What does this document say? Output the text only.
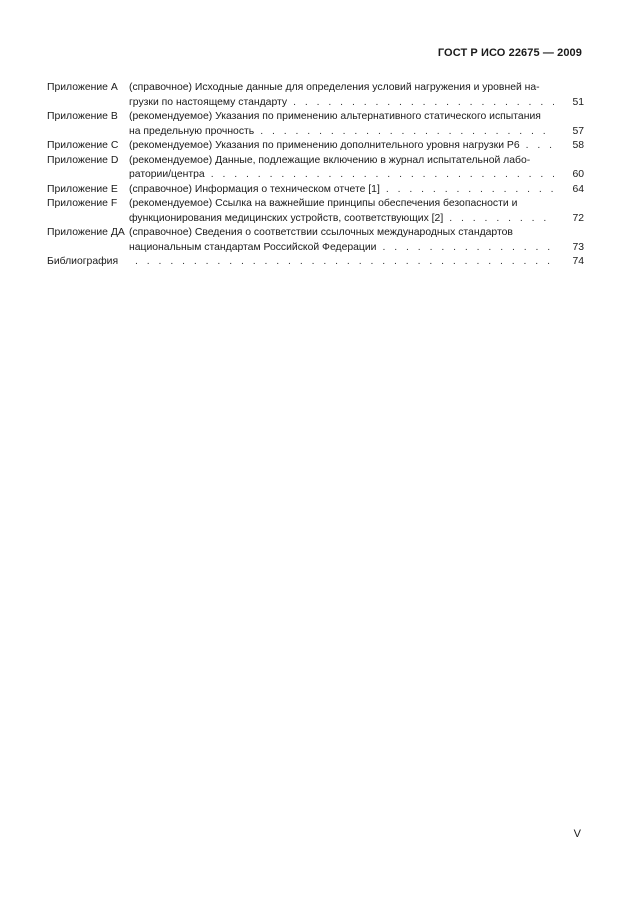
ГОСТ Р ИСО 22675 — 2009
Приложение А	(справочное) Исходные данные для определения условий нагружения и уровней на-
грузки по настоящему стандарту . . .	51
Приложение В	(рекомендуемое) Указания по применению альтернативного статического испытания
на предельную прочность . . .	57
Приложение С	(рекомендуемое) Указания по применению дополнительного уровня нагрузки Р6 . . .	58
Приложение D	(рекомендуемое) Данные, подлежащие включению в журнал испытательной лабо-
ратории/центра . . .	60
Приложение Е	(справочное) Информация о техническом отчете [1] . . .	64
Приложение F	(рекомендуемое) Ссылка на важнейшие принципы обеспечения безопасности и
функционирования медицинских устройств, соответствующих [2] . . .	72
Приложение ДА (справочное) Сведения о соответствии ссылочных международных стандартов
национальным стандартам Российской Федерации . . .	73
Библиография . . .	74
V
